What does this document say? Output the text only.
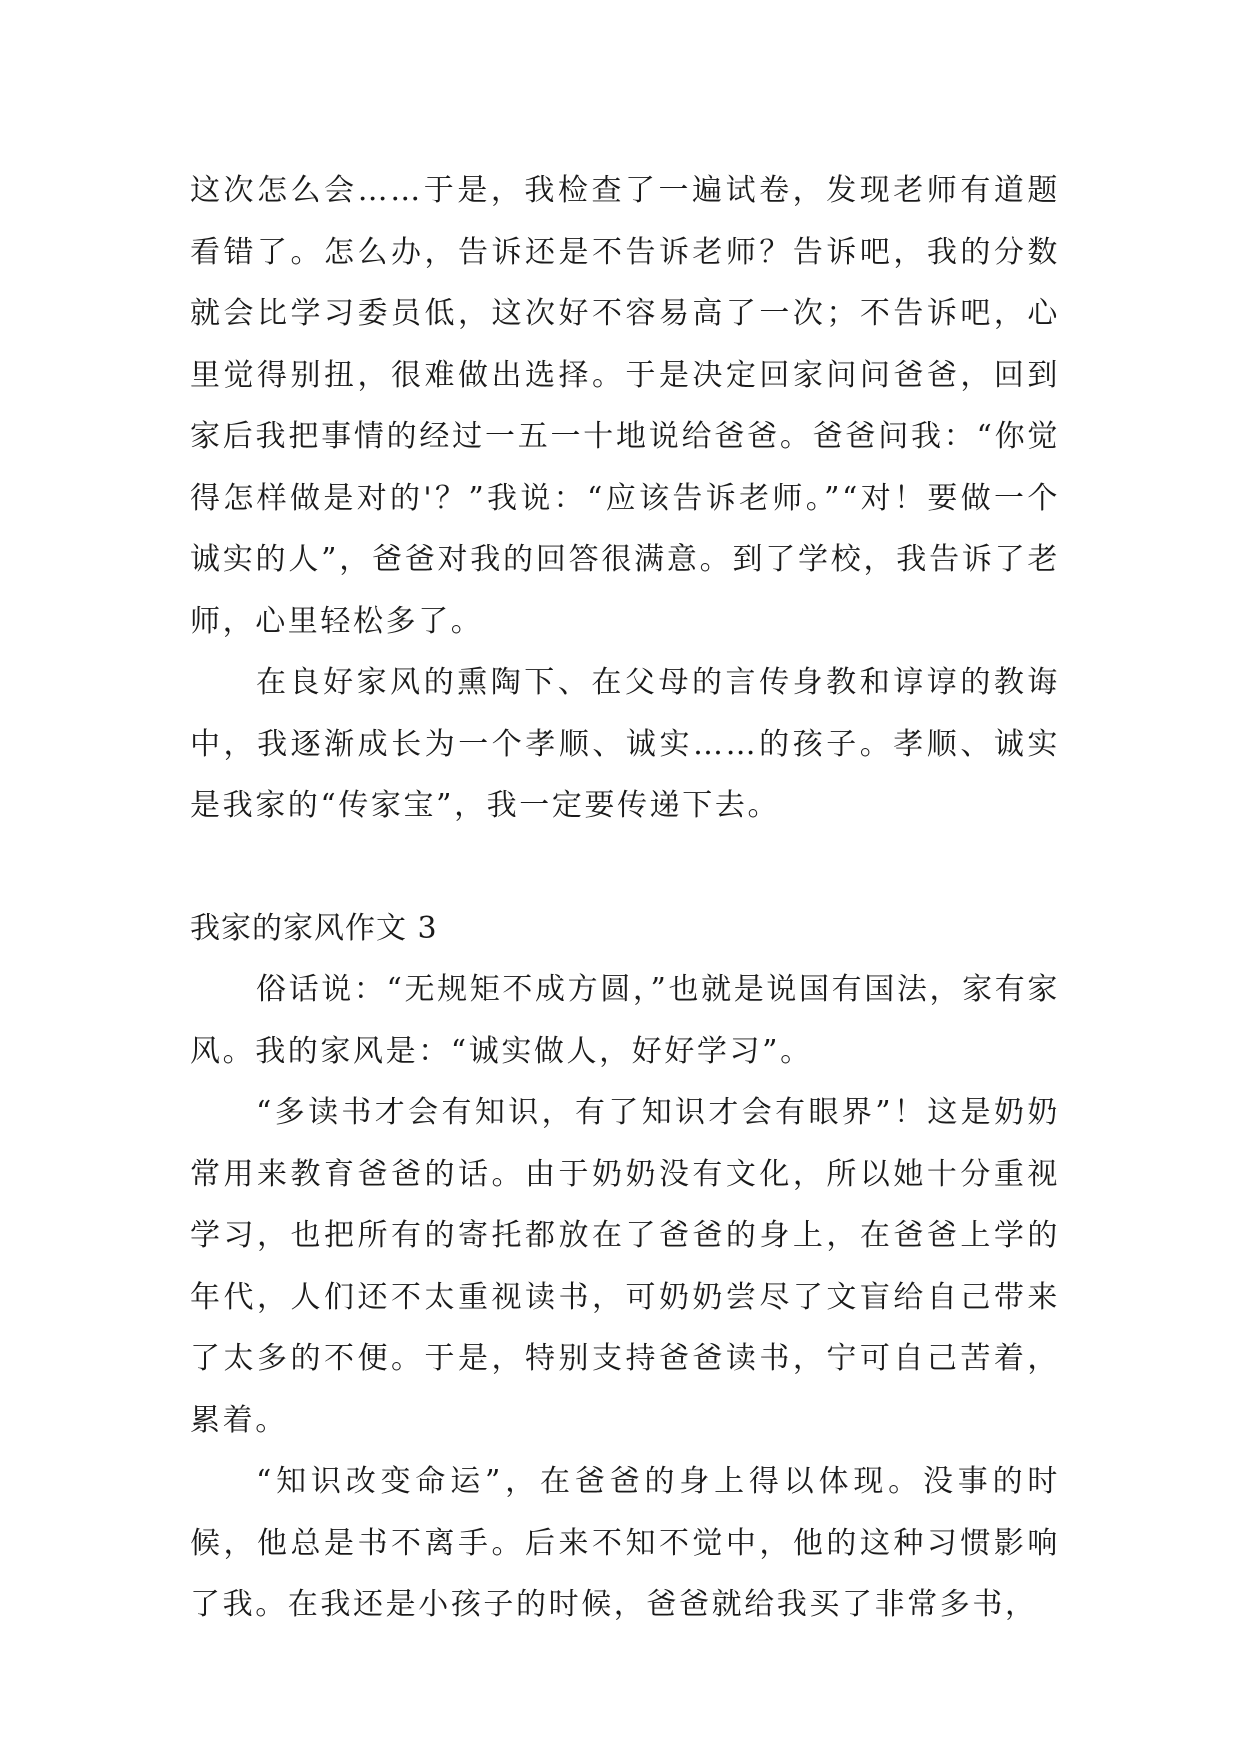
这次怎么会……于是，我检查了一遍试卷，发现老师有道题看错了。怎么办，告诉还是不告诉老师？告诉吧，我的分数就会比学习委员低，这次好不容易高了一次；不告诉吧，心里觉得别扭，很难做出选择。于是决定回家问问爸爸，回到家后我把事情的经过一五一十地说给爸爸。爸爸问我：“你觉得怎样做是对的'？”我说：“应该告诉老师。”“对！要做一个诚实的人”，爸爸对我的回答很满意。到了学校，我告诉了老师，心里轻松多了。

在良好家风的熏陶下、在父母的言传身教和谆谆的教诲中，我逐渐成长为一个孝顺、诚实……的孩子。孝顺、诚实是我家的“传家宝”，我一定要传递下去。

我家的家风作文 3

俗话说：“无规矩不成方圆，”也就是说国有国法，家有家风。我的家风是：“诚实做人，好好学习”。

“多读书才会有知识，有了知识才会有眼界”！这是奶奶常用来教育爸爸的话。由于奶奶没有文化，所以她十分重视学习，也把所有的寄托都放在了爸爸的身上，在爸爸上学的年代，人们还不太重视读书，可奶奶尝尽了文盲给自己带来了太多的不便。于是，特别支持爸爸读书，宁可自己苦着，累着。

“知识改变命运”，在爸爸的身上得以体现。没事的时候，他总是书不离手。后来不知不觉中，他的这种习惯影响了我。在我还是小孩子的时候，爸爸就给我买了非常多书，
